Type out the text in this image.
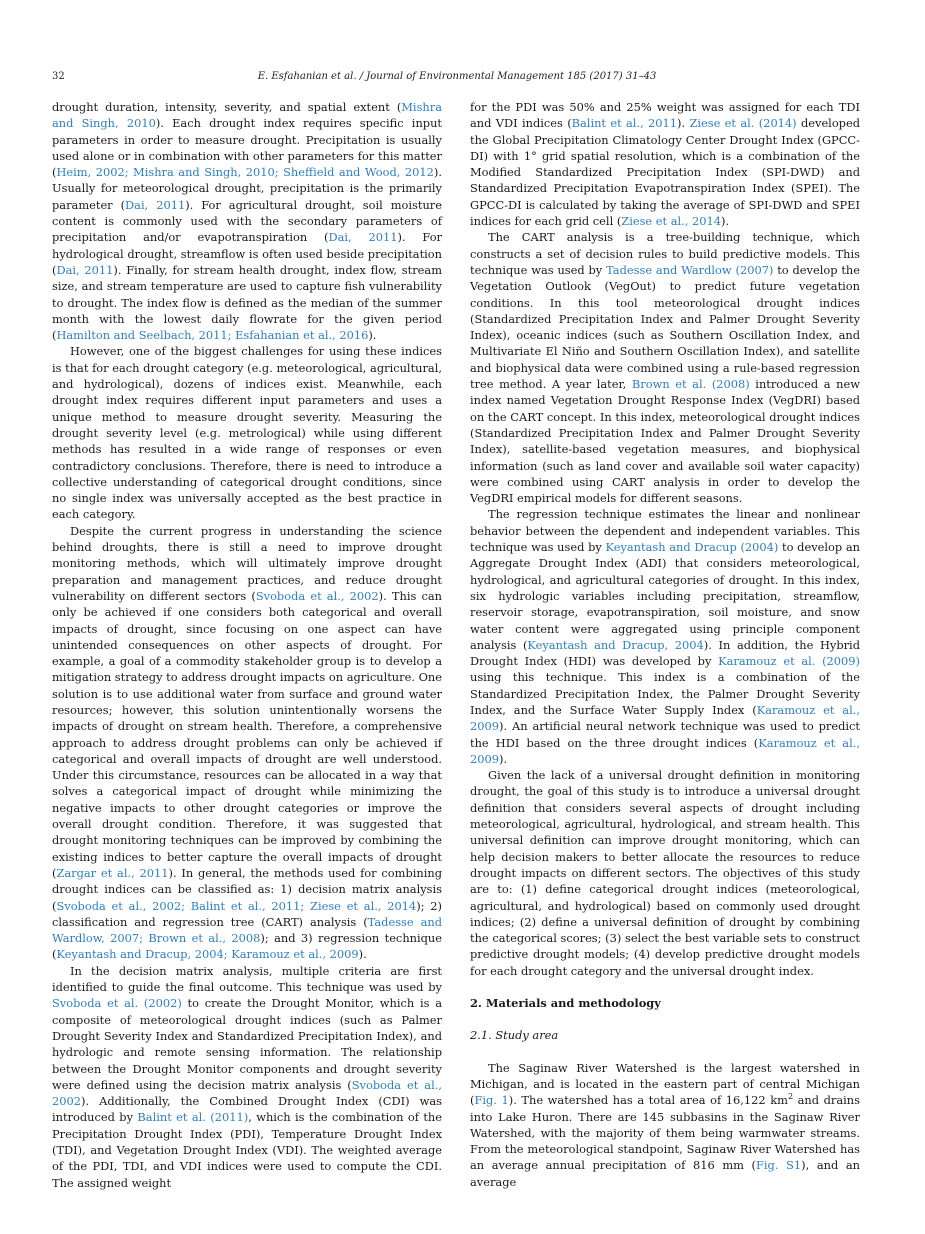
32	E. Esfahanian et al. / Journal of Environmental Management 185 (2017) 31–43

drought duration, intensity, severity, and spatial extent (Mishra and Singh, 2010). Each drought index requires specific input parameters in order to measure drought. Precipitation is usually used alone or in combination with other parameters for this matter (Heim, 2002; Mishra and Singh, 2010; Sheffield and Wood, 2012). Usually for meteorological drought, precipitation is the primarily parameter (Dai, 2011). For agricultural drought, soil moisture content is commonly used with the secondary parameters of precipitation and/or evapotranspiration (Dai, 2011). For hydrological drought, streamflow is often used beside precipitation (Dai, 2011). Finally, for stream health drought, index flow, stream size, and stream temperature are used to capture fish vulnerability to drought. The index flow is defined as the median of the summer month with the lowest daily flowrate for the given period (Hamilton and Seelbach, 2011; Esfahanian et al., 2016).

However, one of the biggest challenges for using these indices is that for each drought category (e.g. meteorological, agricultural, and hydrological), dozens of indices exist. Meanwhile, each drought index requires different input parameters and uses a unique method to measure drought severity. Measuring the drought severity level (e.g. metrological) while using different methods has resulted in a wide range of responses or even contradictory conclusions. Therefore, there is need to introduce a collective understanding of categorical drought conditions, since no single index was universally accepted as the best practice in each category.

Despite the current progress in understanding the science behind droughts, there is still a need to improve drought monitoring methods, which will ultimately improve drought preparation and management practices, and reduce drought vulnerability on different sectors (Svoboda et al., 2002). This can only be achieved if one considers both categorical and overall impacts of drought, since focusing on one aspect can have unintended consequences on other aspects of drought. For example, a goal of a commodity stakeholder group is to develop a mitigation strategy to address drought impacts on agriculture. One solution is to use additional water from surface and ground water resources; however, this solution unintentionally worsens the impacts of drought on stream health. Therefore, a comprehensive approach to address drought problems can only be achieved if categorical and overall impacts of drought are well understood. Under this circumstance, resources can be allocated in a way that solves a categorical impact of drought while minimizing the negative impacts to other drought categories or improve the overall drought condition. Therefore, it was suggested that drought monitoring techniques can be improved by combining the existing indices to better capture the overall impacts of drought (Zargar et al., 2011). In general, the methods used for combining drought indices can be classified as: 1) decision matrix analysis (Svoboda et al., 2002; Balint et al., 2011; Ziese et al., 2014); 2) classification and regression tree (CART) analysis (Tadesse and Wardlow, 2007; Brown et al., 2008); and 3) regression technique (Keyantash and Dracup, 2004; Karamouz et al., 2009).

In the decision matrix analysis, multiple criteria are first identified to guide the final outcome. This technique was used by Svoboda et al. (2002) to create the Drought Monitor, which is a composite of meteorological drought indices (such as Palmer Drought Severity Index and Standardized Precipitation Index), and hydrologic and remote sensing information. The relationship between the Drought Monitor components and drought severity were defined using the decision matrix analysis (Svoboda et al., 2002). Additionally, the Combined Drought Index (CDI) was introduced by Balint et al. (2011), which is the combination of the Precipitation Drought Index (PDI), Temperature Drought Index (TDI), and Vegetation Drought Index (VDI). The weighted average of the PDI, TDI, and VDI indices were used to compute the CDI. The assigned weight

for the PDI was 50% and 25% weight was assigned for each TDI and VDI indices (Balint et al., 2011). Ziese et al. (2014) developed the Global Precipitation Climatology Center Drought Index (GPCC-DI) with 1° grid spatial resolution, which is a combination of the Modified Standardized Precipitation Index (SPI-DWD) and Standardized Precipitation Evapotranspiration Index (SPEI). The GPCC-DI is calculated by taking the average of SPI-DWD and SPEI indices for each grid cell (Ziese et al., 2014).

The CART analysis is a tree-building technique, which constructs a set of decision rules to build predictive models. This technique was used by Tadesse and Wardlow (2007) to develop the Vegetation Outlook (VegOut) to predict future vegetation conditions. In this tool meteorological drought indices (Standardized Precipitation Index and Palmer Drought Severity Index), oceanic indices (such as Southern Oscillation Index, and Multivariate El Niño and Southern Oscillation Index), and satellite and biophysical data were combined using a rule-based regression tree method. A year later, Brown et al. (2008) introduced a new index named Vegetation Drought Response Index (VegDRI) based on the CART concept. In this index, meteorological drought indices (Standardized Precipitation Index and Palmer Drought Severity Index), satellite-based vegetation measures, and biophysical information (such as land cover and available soil water capacity) were combined using CART analysis in order to develop the VegDRI empirical models for different seasons.

The regression technique estimates the linear and nonlinear behavior between the dependent and independent variables. This technique was used by Keyantash and Dracup (2004) to develop an Aggregate Drought Index (ADI) that considers meteorological, hydrological, and agricultural categories of drought. In this index, six hydrologic variables including precipitation, streamflow, reservoir storage, evapotranspiration, soil moisture, and snow water content were aggregated using principle component analysis (Keyantash and Dracup, 2004). In addition, the Hybrid Drought Index (HDI) was developed by Karamouz et al. (2009) using this technique. This index is a combination of the Standardized Precipitation Index, the Palmer Drought Severity Index, and the Surface Water Supply Index (Karamouz et al., 2009). An artificial neural network technique was used to predict the HDI based on the three drought indices (Karamouz et al., 2009).

Given the lack of a universal drought definition in monitoring drought, the goal of this study is to introduce a universal drought definition that considers several aspects of drought including meteorological, agricultural, hydrological, and stream health. This universal definition can improve drought monitoring, which can help decision makers to better allocate the resources to reduce drought impacts on different sectors. The objectives of this study are to: (1) define categorical drought indices (meteorological, agricultural, and hydrological) based on commonly used drought indices; (2) define a universal definition of drought by combining the categorical scores; (3) select the best variable sets to construct predictive drought models; (4) develop predictive drought models for each drought category and the universal drought index.

2. Materials and methodology

2.1. Study area

The Saginaw River Watershed is the largest watershed in Michigan, and is located in the eastern part of central Michigan (Fig. 1). The watershed has a total area of 16,122 $km^2$ and drains into Lake Huron. There are 145 subbasins in the Saginaw River Watershed, with the majority of them being warmwater streams. From the meteorological standpoint, Saginaw River Watershed has an average annual precipitation of 816 mm (Fig. S1), and an average
